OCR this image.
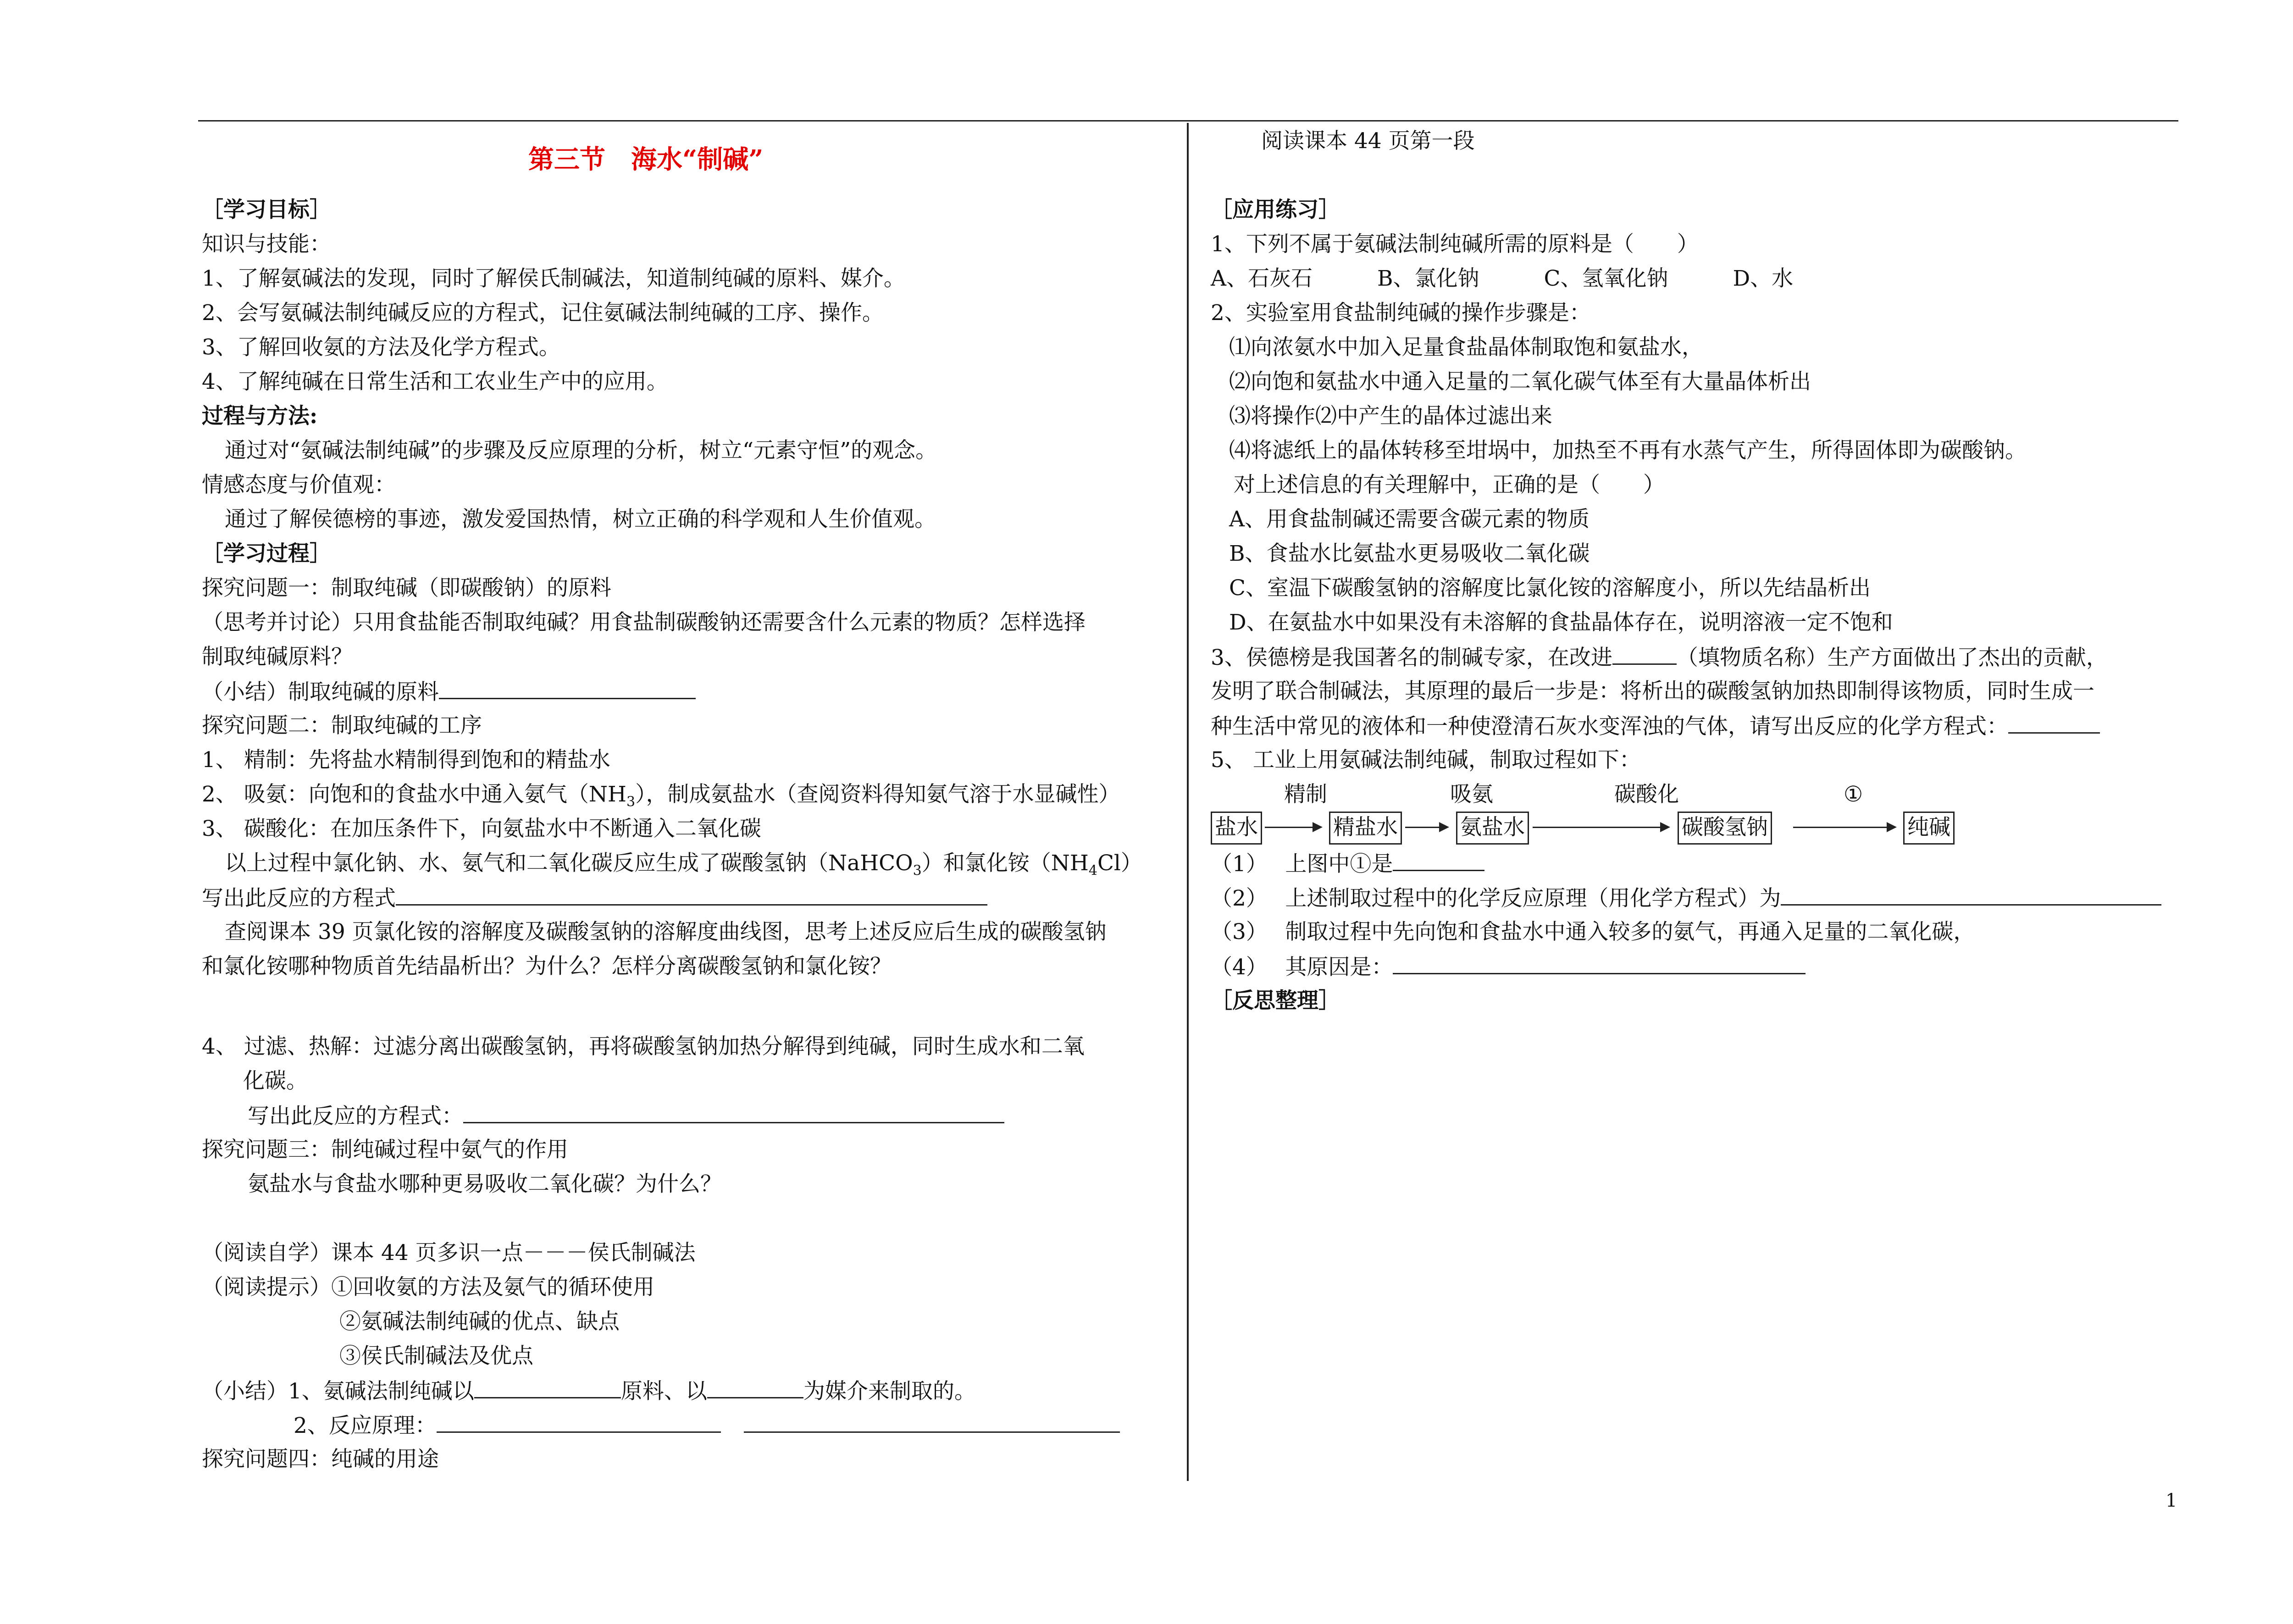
第三节　海水“制碱”
［学习目标］
知识与技能：
1、了解氨碱法的发现，同时了解侯氏制碱法，知道制纯碱的原料、媒介。
2、会写氨碱法制纯碱反应的方程式，记住氨碱法制纯碱的工序、操作。
3、了解回收氨的方法及化学方程式。
4、了解纯碱在日常生活和工农业生产中的应用。
过程与方法:
通过对“氨碱法制纯碱”的步骤及反应原理的分析，树立“元素守恒”的观念。
情感态度与价值观：
通过了解侯德榜的事迹，激发爱国热情，树立正确的科学观和人生价值观。
［学习过程］
探究问题一：制取纯碱（即碳酸钠）的原料
（思考并讨论）只用食盐能否制取纯碱？用食盐制碳酸钠还需要含什么元素的物质？怎样选择
制取纯碱原料？
（小结）制取纯碱的原料
探究问题二：制取纯碱的工序
1、 精制：先将盐水精制得到饱和的精盐水
2、 吸氨：向饱和的食盐水中通入氨气$(NH_3)$，制成氨盐水（查阅资料得知氨气溶于水显碱性）
3、 碳酸化：在加压条件下，向氨盐水中不断通入二氧化碳
以上过程中氯化钠、水、氨气和二氧化碳反应生成了碳酸氢钠（NaHCO$_3$）和氯化铵$(NH_4Cl)$
写出此反应的方程式
查阅课本 39 页氯化铵的溶解度及碳酸氢钠的溶解度曲线图，思考上述反应后生成的碳酸氢钠
和氯化铵哪种物质首先结晶析出？为什么？怎样分离碳酸氢钠和氯化铵？
4、 过滤、热解：过滤分离出碳酸氢钠，再将碳酸氢钠加热分解得到纯碱，同时生成水和二氧
化碳。
写出此反应的方程式：
探究问题三：制纯碱过程中氨气的作用
氨盐水与食盐水哪种更易吸收二氧化碳？为什么？
（阅读自学）课本 44 页多识一点－－－侯氏制碱法
（阅读提示）①回收氨的方法及氨气的循环使用
②氨碱法制纯碱的优点、缺点
③侯氏制碱法及优点
（小结）1、氨碱法制纯碱以	原料、以	为媒介来制取的。
2、反应原理：
探究问题四：纯碱的用途
阅读课本 44 页第一段
［应用练习］
1、下列不属于氨碱法制纯碱所需的原料是（　　）
A、石灰石　　　B、氯化钠　　　C、氢氧化钠　　　D、水
2、实验室用食盐制纯碱的操作步骤是：
⑴向浓氨水中加入足量食盐晶体制取饱和氨盐水，
⑵向饱和氨盐水中通入足量的二氧化碳气体至有大量晶体析出
⑶将操作⑵中产生的晶体过滤出来
⑷将滤纸上的晶体转移至坩埚中，加热至不再有水蒸气产生，所得固体即为碳酸钠。
对上述信息的有关理解中，正确的是（　　）
A、用食盐制碱还需要含碳元素的物质
B、食盐水比氨盐水更易吸收二氧化碳
C、室温下碳酸氢钠的溶解度比氯化铵的溶解度小，所以先结晶析出
D、在氨盐水中如果没有未溶解的食盐晶体存在，说明溶液一定不饱和
3、侯德榜是我国著名的制碱专家，在改进	（填物质名称）生产方面做出了杰出的贡献，
发明了联合制碱法，其原理的最后一步是：将析出的碳酸氢钠加热即制得该物质，同时生成一
种生活中常见的液体和一种使澄清石灰水变浑浊的气体，请写出反应的化学方程式：
5、 工业上用氨碱法制纯碱，制取过程如下：
精制	吸氨	碳酸化	①
盐水	精盐水	氨盐水	碳酸氢钠	纯碱
（1）　 上图中①是
（2）　 上述制取过程中的化学反应原理（用化学方程式）为
（3）　 制取过程中先向饱和食盐水中通入较多的氨气，再通入足量的二氧化碳，
（4）　 其原因是：
［反思整理］
1
